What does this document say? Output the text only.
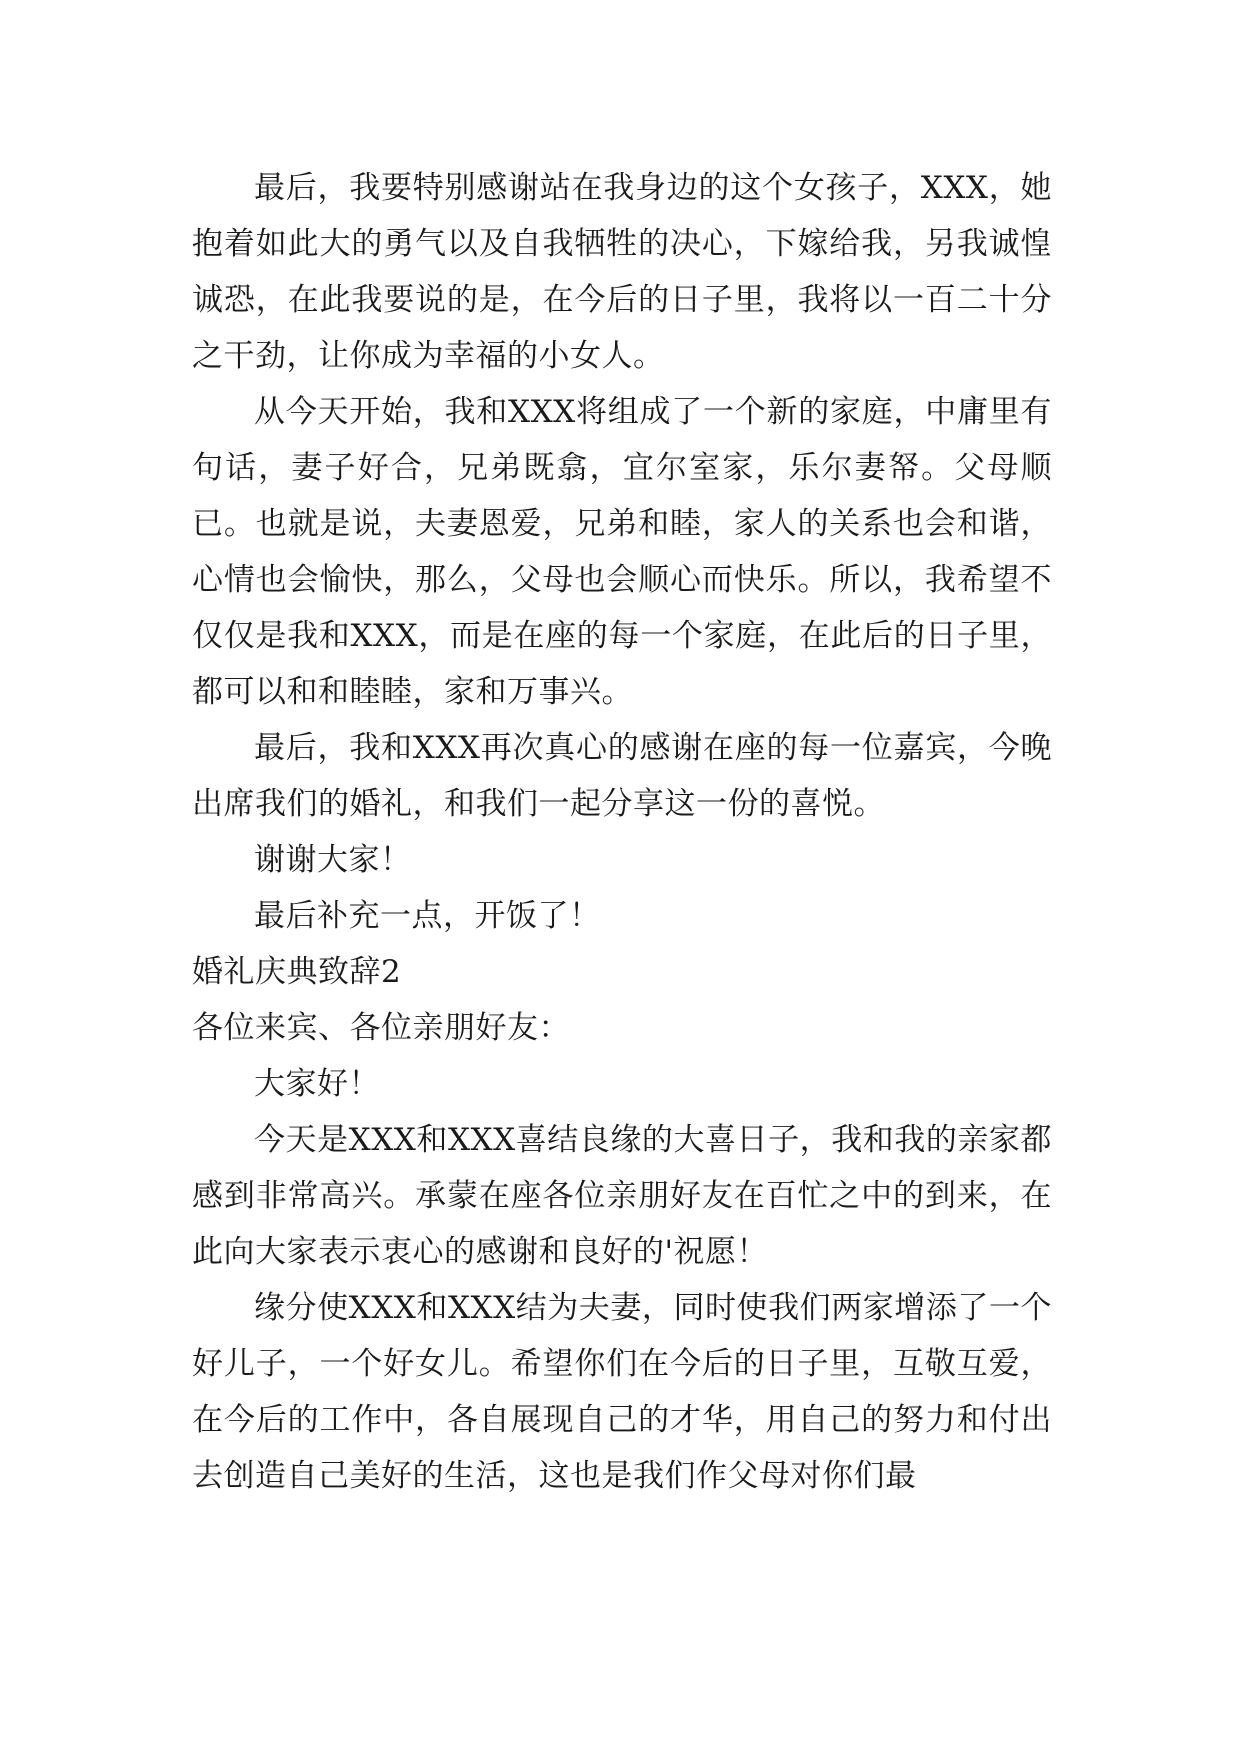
最后，我要特别感谢站在我身边的这个女孩子，XXX，她抱着如此大的勇气以及自我牺牲的决心，下嫁给我，另我诚惶诚恐，在此我要说的是，在今后的日子里，我将以一百二十分之干劲，让你成为幸福的小女人。

从今天开始，我和XXX将组成了一个新的家庭，中庸里有句话，妻子好合，兄弟既翕，宜尔室家，乐尔妻帑。父母顺已。也就是说，夫妻恩爱，兄弟和睦，家人的关系也会和谐，心情也会愉快，那么，父母也会顺心而快乐。所以，我希望不仅仅是我和XXX，而是在座的每一个家庭，在此后的日子里，都可以和和睦睦，家和万事兴。

最后，我和XXX再次真心的感谢在座的每一位嘉宾，今晚出席我们的婚礼，和我们一起分享这一份的喜悦。

谢谢大家！

最后补充一点，开饭了！

婚礼庆典致辞2

各位来宾、各位亲朋好友：

大家好！

今天是XXX和XXX喜结良缘的大喜日子，我和我的亲家都感到非常高兴。承蒙在座各位亲朋好友在百忙之中的到来，在此向大家表示衷心的感谢和良好的'祝愿！

缘分使XXX和XXX结为夫妻，同时使我们两家增添了一个好儿子，一个好女儿。希望你们在今后的日子里，互敬互爱，在今后的工作中，各自展现自己的才华，用自己的努力和付出去创造自己美好的生活，这也是我们作父母对你们最
